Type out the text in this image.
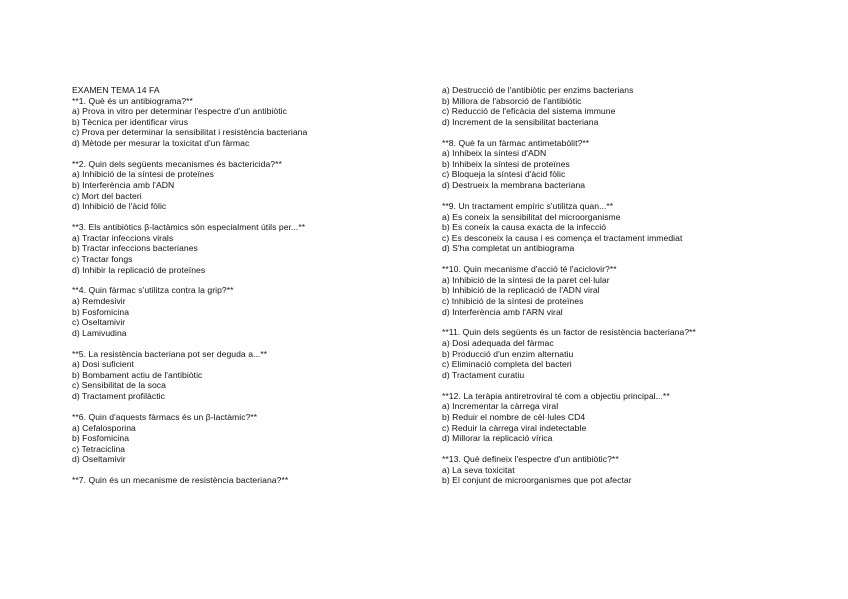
EXAMEN TEMA 14 FA
**1. Què és un antibiograma?**
a) Prova in vitro per determinar l'espectre d'un antibiòtic
b) Tècnica per identificar virus
c) Prova per determinar la sensibilitat i resistència bacteriana
d) Mètode per mesurar la toxicitat d'un fàrmac
**2. Quin dels següents mecanismes és bactericida?**
a) Inhibició de la síntesi de proteïnes
b) Interferència amb l'ADN
c) Mort del bacteri
d) Inhibició de l'àcid fòlic
**3. Els antibiòtics β-lactàmics són especialment útils per...**
a) Tractar infeccions virals
b) Tractar infeccions bacterianes
c) Tractar fongs
d) Inhibir la replicació de proteïnes
**4. Quin fàrmac s'utilitza contra la grip?**
a) Remdesivir
b) Fosfomicina
c) Oseltamivir
d) Lamivudina
**5. La resistència bacteriana pot ser deguda a...**
a) Dosi suficient
b) Bombament actiu de l'antibiòtic
c) Sensibilitat de la soca
d) Tractament profilàctic
**6. Quin d'aquests fàrmacs és un β-lactàmic?**
a) Cefalosporina
b) Fosfomicina
c) Tetraciclina
d) Oseltamivir
**7. Quin és un mecanisme de resistència bacteriana?**
a) Destrucció de l'antibiòtic per enzims bacterians
b) Millora de l'absorció de l'antibiòtic
c) Reducció de l'eficàcia del sistema immune
d) Increment de la sensibilitat bacteriana
**8. Què fa un fàrmac antimetabòlit?**
a) Inhibeix la síntesi d'ADN
b) Inhibeix la síntesi de proteïnes
c) Bloqueja la síntesi d'àcid fòlic
d) Destrueix la membrana bacteriana
**9. Un tractament empíric s'utilitza quan...**
a) Es coneix la sensibilitat del microorganisme
b) Es coneix la causa exacta de la infecció
c) Es desconeix la causa i es comença el tractament immediat
d) S'ha completat un antibiograma
**10. Quin mecanisme d'acció té l'aciclovir?**
a) Inhibició de la síntesi de la paret cel·lular
b) Inhibició de la replicació de l'ADN viral
c) Inhibició de la síntesi de proteïnes
d) Interferència amb l'ARN viral
**11. Quin dels següents és un factor de resistència bacteriana?**
a) Dosi adequada del fàrmac
b) Producció d'un enzim alternatiu
c) Eliminació completa del bacteri
d) Tractament curatiu
**12. La teràpia antiretroviral té com a objectiu principal...**
a) Incrementar la càrrega viral
b) Reduir el nombre de cèl·lules CD4
c) Reduir la càrrega viral indetectable
d) Millorar la replicació vírica
**13. Què defineix l'espectre d'un antibiòtic?**
a) La seva toxicitat
b) El conjunt de microorganismes que pot afectar
